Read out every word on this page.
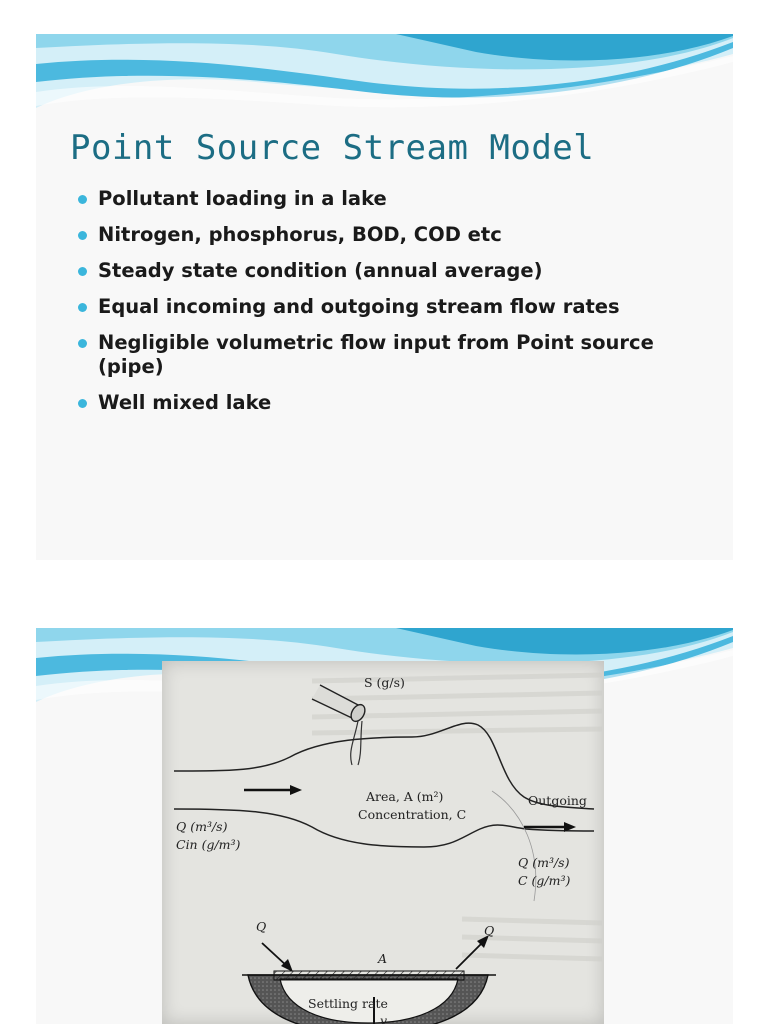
Point Source Stream Model
Pollutant loading in a lake
Nitrogen, phosphorus, BOD, COD etc
Steady state condition (annual average)
Equal incoming and outgoing stream flow rates
Negligible volumetric flow input from Point source (pipe)
Well mixed lake
S (g/s)
Area, A (m²)
Concentration, C
Outgoing
Q (m³/s)
Cin (g/m³)
Q (m³/s)
C (g/m³)
Q	Q
A
Settling rate
v
